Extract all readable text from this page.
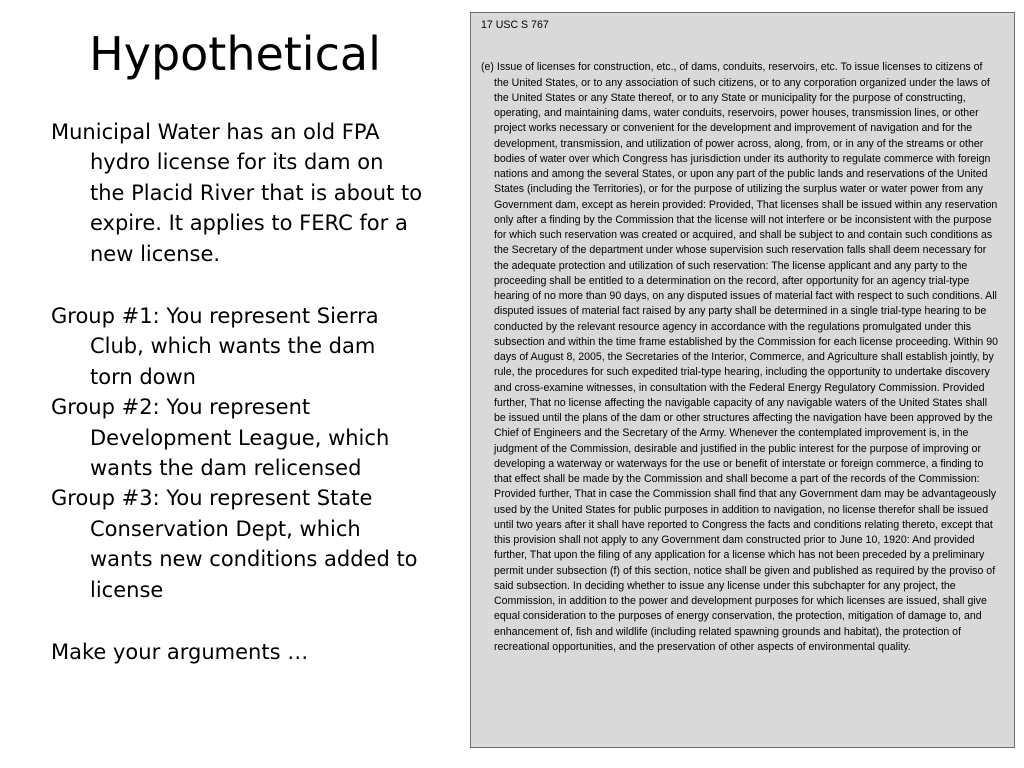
Hypothetical

Municipal Water has an old FPA hydro license for its dam on the Placid River that is about to expire. It applies to FERC for a new license.

Group #1: You represent Sierra Club, which wants the dam torn down

Group #2: You represent Development League, which wants the dam relicensed

Group #3: You represent State Conservation Dept, which wants new conditions added to license

Make your arguments …

17 USC S 767

(e) Issue of licenses for construction, etc., of dams, conduits, reservoirs, etc. To issue licenses to citizens of the United States, or to any association of such citizens, or to any corporation organized under the laws of the United States or any State thereof, or to any State or municipality for the purpose of constructing, operating, and maintaining dams, water conduits, reservoirs, power houses, transmission lines, or other project works necessary or convenient for the development and improvement of navigation and for the development, transmission, and utilization of power across, along, from, or in any of the streams or other bodies of water over which Congress has jurisdiction under its authority to regulate commerce with foreign nations and among the several States, or upon any part of the public lands and reservations of the United States (including the Territories), or for the purpose of utilizing the surplus water or water power from any Government dam, except as herein provided: Provided, That licenses shall be issued within any reservation only after a finding by the Commission that the license will not interfere or be inconsistent with the purpose for which such reservation was created or acquired, and shall be subject to and contain such conditions as the Secretary of the department under whose supervision such reservation falls shall deem necessary for the adequate protection and utilization of such reservation: The license applicant and any party to the proceeding shall be entitled to a determination on the record, after opportunity for an agency trial-type hearing of no more than 90 days, on any disputed issues of material fact with respect to such conditions. All disputed issues of material fact raised by any party shall be determined in a single trial-type hearing to be conducted by the relevant resource agency in accordance with the regulations promulgated under this subsection and within the time frame established by the Commission for each license proceeding. Within 90 days of August 8, 2005, the Secretaries of the Interior, Commerce, and Agriculture shall establish jointly, by rule, the procedures for such expedited trial-type hearing, including the opportunity to undertake discovery and cross-examine witnesses, in consultation with the Federal Energy Regulatory Commission. Provided further, That no license affecting the navigable capacity of any navigable waters of the United States shall be issued until the plans of the dam or other structures affecting the navigation have been approved by the Chief of Engineers and the Secretary of the Army. Whenever the contemplated improvement is, in the judgment of the Commission, desirable and justified in the public interest for the purpose of improving or developing a waterway or waterways for the use or benefit of interstate or foreign commerce, a finding to that effect shall be made by the Commission and shall become a part of the records of the Commission: Provided further, That in case the Commission shall find that any Government dam may be advantageously used by the United States for public purposes in addition to navigation, no license therefor shall be issued until two years after it shall have reported to Congress the facts and conditions relating thereto, except that this provision shall not apply to any Government dam constructed prior to June 10, 1920: And provided further, That upon the filing of any application for a license which has not been preceded by a preliminary permit under subsection (f) of this section, notice shall be given and published as required by the proviso of said subsection. In deciding whether to issue any license under this subchapter for any project, the Commission, in addition to the power and development purposes for which licenses are issued, shall give equal consideration to the purposes of energy conservation, the protection, mitigation of damage to, and enhancement of, fish and wildlife (including related spawning grounds and habitat), the protection of recreational opportunities, and the preservation of other aspects of environmental quality.
